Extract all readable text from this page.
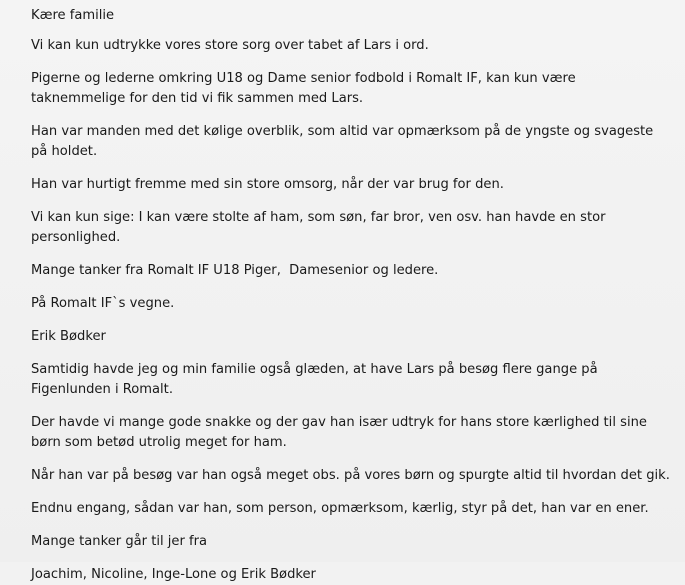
Kære familie
Vi kan kun udtrykke vores store sorg over tabet af Lars i ord.
Pigerne og lederne omkring U18 og Dame senior fodbold i Romalt IF, kan kun være taknemmelige for den tid vi fik sammen med Lars.
Han var manden med det kølige overblik, som altid var opmærksom på de yngste og svageste på holdet.
Han var hurtigt fremme med sin store omsorg, når der var brug for den.
Vi kan kun sige: I kan være stolte af ham, som søn, far bror, ven osv. han havde en stor personlighed.
Mange tanker fra Romalt IF U18 Piger,  Damesenior og ledere.
På Romalt IF`s vegne.
Erik Bødker
Samtidig havde jeg og min familie også glæden, at have Lars på besøg flere gange på Figenlunden i Romalt.
Der havde vi mange gode snakke og der gav han især udtryk for hans store kærlighed til sine børn som betød utrolig meget for ham.
Når han var på besøg var han også meget obs. på vores børn og spurgte altid til hvordan det gik.
Endnu engang, sådan var han, som person, opmærksom, kærlig, styr på det, han var en ener.
Mange tanker går til jer fra
Joachim, Nicoline, Inge-Lone og Erik Bødker
